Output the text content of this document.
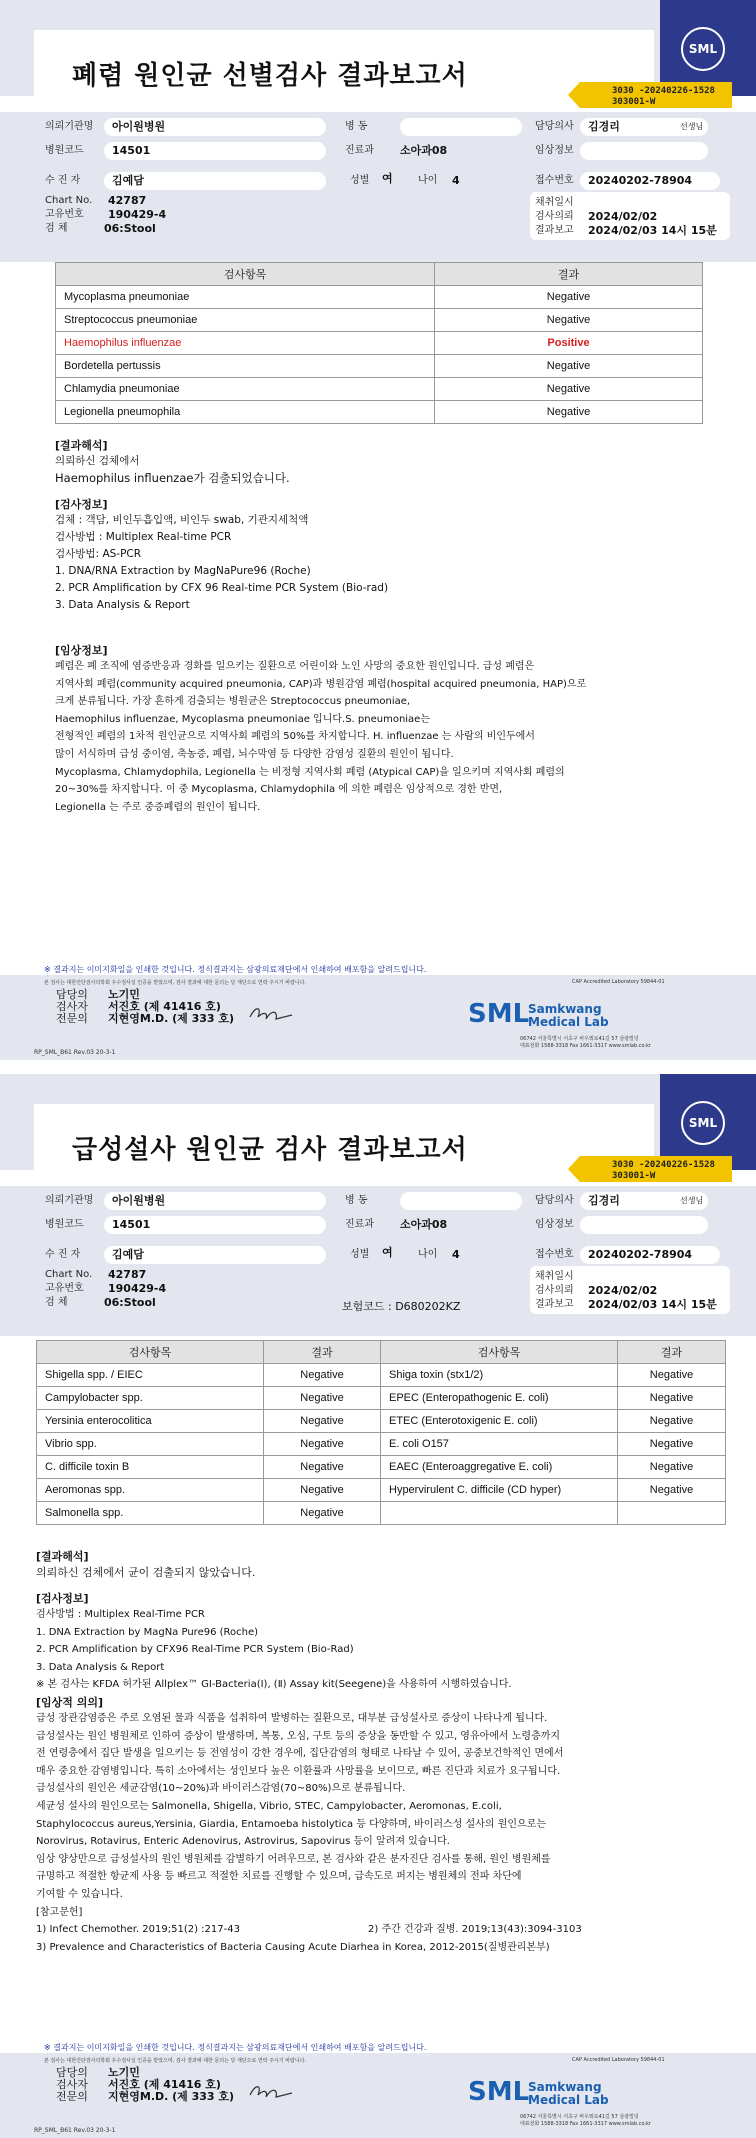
SML
폐렴 원인균 선별검사 결과보고서	3030 -20240226-1528
303001-W
의뢰기관명	아이원병원	병 동	담당의사	김경리	선생님
병원코드	14501	진료과 소아과08	임상정보
수 진 자	김예담	성별 여	나이 4	접수번호	20240202-78904
Chart No. 42787
고유번호 190429-4
검 체	06:Stool
채취일시
검사의뢰 2024/02/02
결과보고 2024/02/03 14시 15분
검사항목	결과
Mycoplasma pneumoniae	Negative
Streptococcus pneumoniae	Negative
Haemophilus influenzae	Positive
Bordetella pertussis	Negative
Chlamydia pneumoniae	Negative
Legionella pneumophila	Negative
[결과해석]
의뢰하신 검체에서
Haemophilus influenzae가 검출되었습니다.
[검사정보]
검체 : 객담, 비인두흡입액, 비인두 swab, 기관지세척액
검사방법 : Multiplex Real-time PCR
검사방법: AS-PCR
1. DNA/RNA Extraction by MagNaPure96 (Roche)
2. PCR Amplification by CFX 96 Real-time PCR System (Bio-rad)
3. Data Analysis & Report
[임상정보]
폐렴은 폐 조직에 염증반응과 경화를 일으키는 질환으로 어린이와 노인 사망의 중요한 원인입니다. 급성 폐렴은
지역사회 폐렴(community acquired pneumonia, CAP)과 병원감염 폐렴(hospital acquired pneumonia, HAP)으로
크게 분류됩니다. 가장 흔하게 검출되는 병원균은 Streptococcus pneumoniae,
Haemophilus influenzae, Mycoplasma pneumoniae 입니다.S. pneumoniae는
전형적인 폐렴의 1차적 원인균으로 지역사회 폐렴의 50%를 차지합니다. H. influenzae 는 사람의 비인두에서
많이 서식하며 급성 중이염, 축농증, 폐렴, 뇌수막염 등 다양한 감염성 질환의 원인이 됩니다.
Mycoplasma, Chlamydophila, Legionella 는 비정형 지역사회 폐렴 (Atypical CAP)을 일으키며 지역사회 폐렴의
20~30%를 차지합니다. 이 중 Mycoplasma, Chlamydophila 에 의한 폐렴은 임상적으로 경한 반면,
Legionella 는 주로 중증폐렴의 원인이 됩니다.
※ 결과지는 이미지화일을 인쇄한 것입니다. 정식결과지는 삼광의료재단에서 인쇄하여 배포함을 알려드립니다.
본 검사는 대한진단검사의학회 우수검사실 인증을 받았으며, 검사 결과에 대한 문의는 당 재단으로 연락 주시기 바랍니다.	CAP Accredited Laboratory 59844-01
담당의 노기민
검사자 서진호 (제 41416 호)
전문의 지현영M.D. (제 333 호)	SML
Samkwang
Medical Lab
06742 서울특별시 서초구 바우뫼로41길 57 삼광빌딩
대표전화 1588-3318 Fax 1661-3317 www.smlab.co.kr
RP_SML_B61 Rev.03 20-3-1
SML
급성설사 원인균 검사 결과보고서	3030 -20240226-1528
303001-W
의뢰기관명	아이원병원	병 동	담당의사	김경리	선생님
병원코드	14501	진료과 소아과08	임상정보
수 진 자	김예담	성별 여	나이 4	접수번호	20240202-78904
Chart No. 42787
고유번호 190429-4
검 체	06:Stool	보험코드 : D680202KZ
채취일시
검사의뢰 2024/02/02
결과보고 2024/02/03 14시 15분
검사항목	결과	검사항목	결과
Shigella spp. / EIEC	Negative	Shiga toxin (stx1/2)	Negative
Campylobacter spp.	Negative	EPEC (Enteropathogenic E. coli)	Negative
Yersinia enterocolitica	Negative	ETEC (Enterotoxigenic E. coli)	Negative
Vibrio spp.	Negative	E. coli O157	Negative
C. difficile toxin B	Negative	EAEC (Enteroaggregative E. coli)	Negative
Aeromonas spp.	Negative	Hypervirulent C. difficile (CD hyper)	Negative
Salmonella spp.	Negative		
[결과해석]
의뢰하신 검체에서 균이 검출되지 않았습니다.
[검사정보]
검사방법 : Multiplex Real-Time PCR
1. DNA Extraction by MagNa Pure96 (Roche)
2. PCR Amplification by CFX96 Real-Time PCR System (Bio-Rad)
3. Data Analysis & Report
※ 본 검사는 KFDA 허가된 Allplex™ GI-Bacteria(Ⅰ), (Ⅱ) Assay kit(Seegene)을 사용하여 시행하였습니다.
[임상적 의의]
급성 장관감염증은 주로 오염된 물과 식품을 섭취하여 발병하는 질환으로, 대부분 급성설사로 증상이 나타나게 됩니다.
급성설사는 원인 병원체로 인하여 증상이 발생하며, 복통, 오심, 구토 등의 증상을 동반할 수 있고, 영유아에서 노령층까지
전 연령층에서 집단 발생을 일으키는 등 전염성이 강한 경우에, 집단감염의 형태로 나타날 수 있어, 공중보건학적인 면에서
매우 중요한 감염병입니다. 특히 소아에서는 성인보다 높은 이환률과 사망률을 보이므로, 빠른 진단과 치료가 요구됩니다.
급성설사의 원인은 세균감염(10~20%)과 바이러스감염(70~80%)으로 분류됩니다.
세균성 설사의 원인으로는 Salmonella, Shigella, Vibrio, STEC, Campylobacter, Aeromonas, E.coli,
Staphylococcus aureus,Yersinia, Giardia, Entamoeba histolytica 등 다양하며, 바이러스성 설사의 원인으로는
Norovirus, Rotavirus, Enteric Adenovirus, Astrovirus, Sapovirus 등이 알려져 있습니다.
임상 양상만으로 급성설사의 원인 병원체를 감별하기 어려우므로, 본 검사와 같은 분자진단 검사를 통해, 원인 병원체를
규명하고 적절한 항균제 사용 등 빠르고 적절한 치료를 진행할 수 있으며, 급속도로 퍼지는 병원체의 전파 차단에
기여할 수 있습니다.
[참고문헌]
1) Infect Chemother. 2019;51(2) :217-43	2) 주간 건강과 질병. 2019;13(43):3094-3103
3) Prevalence and Characteristics of Bacteria Causing Acute Diarhea in Korea, 2012-2015(질병관리본부)
※ 결과지는 이미지화일을 인쇄한 것입니다. 정식결과지는 삼광의료재단에서 인쇄하여 배포함을 알려드립니다.
본 검사는 대한진단검사의학회 우수검사실 인증을 받았으며, 검사 결과에 대한 문의는 당 재단으로 연락 주시기 바랍니다.	CAP Accredited Laboratory 59844-01
담당의 노기민
검사자 서진호 (제 41416 호)
전문의 지현영M.D. (제 333 호)	SML
Samkwang
Medical Lab
06742 서울특별시 서초구 바우뫼로41길 57 삼광빌딩
대표전화 1588-3318 Fax 1661-3317 www.smlab.co.kr
RP_SML_B61 Rev.03 20-3-1
